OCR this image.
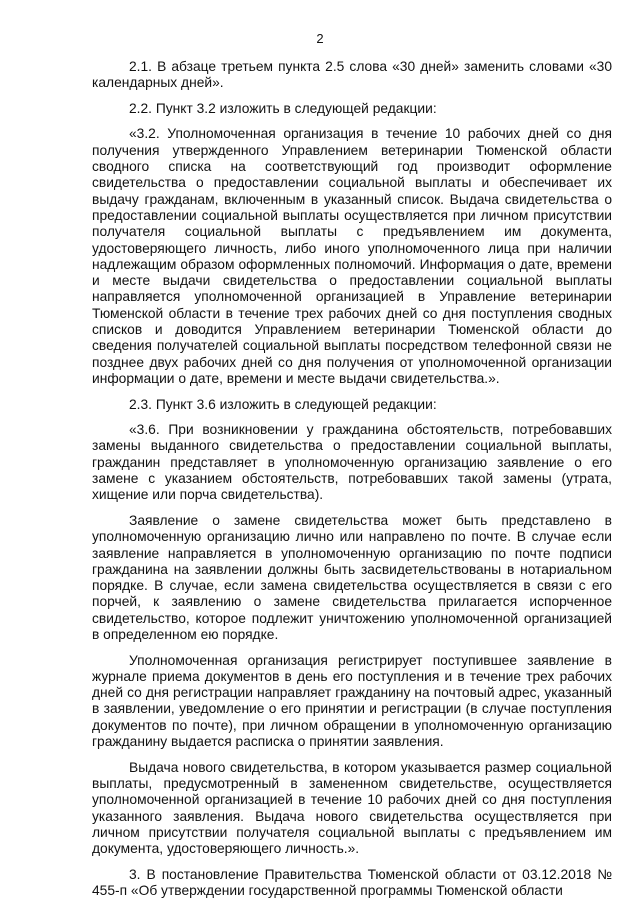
2

2.1. В абзаце третьем пункта 2.5 слова «30 дней» заменить словами «30 календарных дней».

2.2. Пункт 3.2 изложить в следующей редакции:

«3.2. Уполномоченная организация в течение 10 рабочих дней со дня получения утвержденного Управлением ветеринарии Тюменской области сводного списка на соответствующий год производит оформление свидетельства о предоставлении социальной выплаты и обеспечивает их выдачу гражданам, включенным в указанный список. Выдача свидетельства о предоставлении социальной выплаты осуществляется при личном присутствии получателя социальной выплаты с предъявлением им документа, удостоверяющего личность, либо иного уполномоченного лица при наличии надлежащим образом оформленных полномочий. Информация о дате, времени и месте выдачи свидетельства о предоставлении социальной выплаты направляется уполномоченной организацией в Управление ветеринарии Тюменской области в течение трех рабочих дней со дня поступления сводных списков и доводится Управлением ветеринарии Тюменской области до сведения получателей социальной выплаты посредством телефонной связи не позднее двух рабочих дней со дня получения от уполномоченной организации информации о дате, времени и месте выдачи свидетельства.».

2.3. Пункт 3.6 изложить в следующей редакции:

«3.6. При возникновении у гражданина обстоятельств, потребовавших замены выданного свидетельства о предоставлении социальной выплаты, гражданин представляет в уполномоченную организацию заявление о его замене с указанием обстоятельств, потребовавших такой замены (утрата, хищение или порча свидетельства).

Заявление о замене свидетельства может быть представлено в уполномоченную организацию лично или направлено по почте. В случае если заявление направляется в уполномоченную организацию по почте подписи гражданина на заявлении должны быть засвидетельствованы в нотариальном порядке. В случае, если замена свидетельства осуществляется в связи с его порчей, к заявлению о замене свидетельства прилагается испорченное свидетельство, которое подлежит уничтожению уполномоченной организацией в определенном ею порядке.

Уполномоченная организация регистрирует поступившее заявление в журнале приема документов в день его поступления и в течение трех рабочих дней со дня регистрации направляет гражданину на почтовый адрес, указанный в заявлении, уведомление о его принятии и регистрации (в случае поступления документов по почте), при личном обращении в уполномоченную организацию гражданину выдается расписка о принятии заявления.

Выдача нового свидетельства, в котором указывается размер социальной выплаты, предусмотренный в замененном свидетельстве, осуществляется уполномоченной организацией в течение 10 рабочих дней со дня поступления указанного заявления. Выдача нового свидетельства осуществляется при личном присутствии получателя социальной выплаты с предъявлением им документа, удостоверяющего личность.».

3. В постановление Правительства Тюменской области от 03.12.2018 № 455-п «Об утверждении государственной программы Тюменской области
